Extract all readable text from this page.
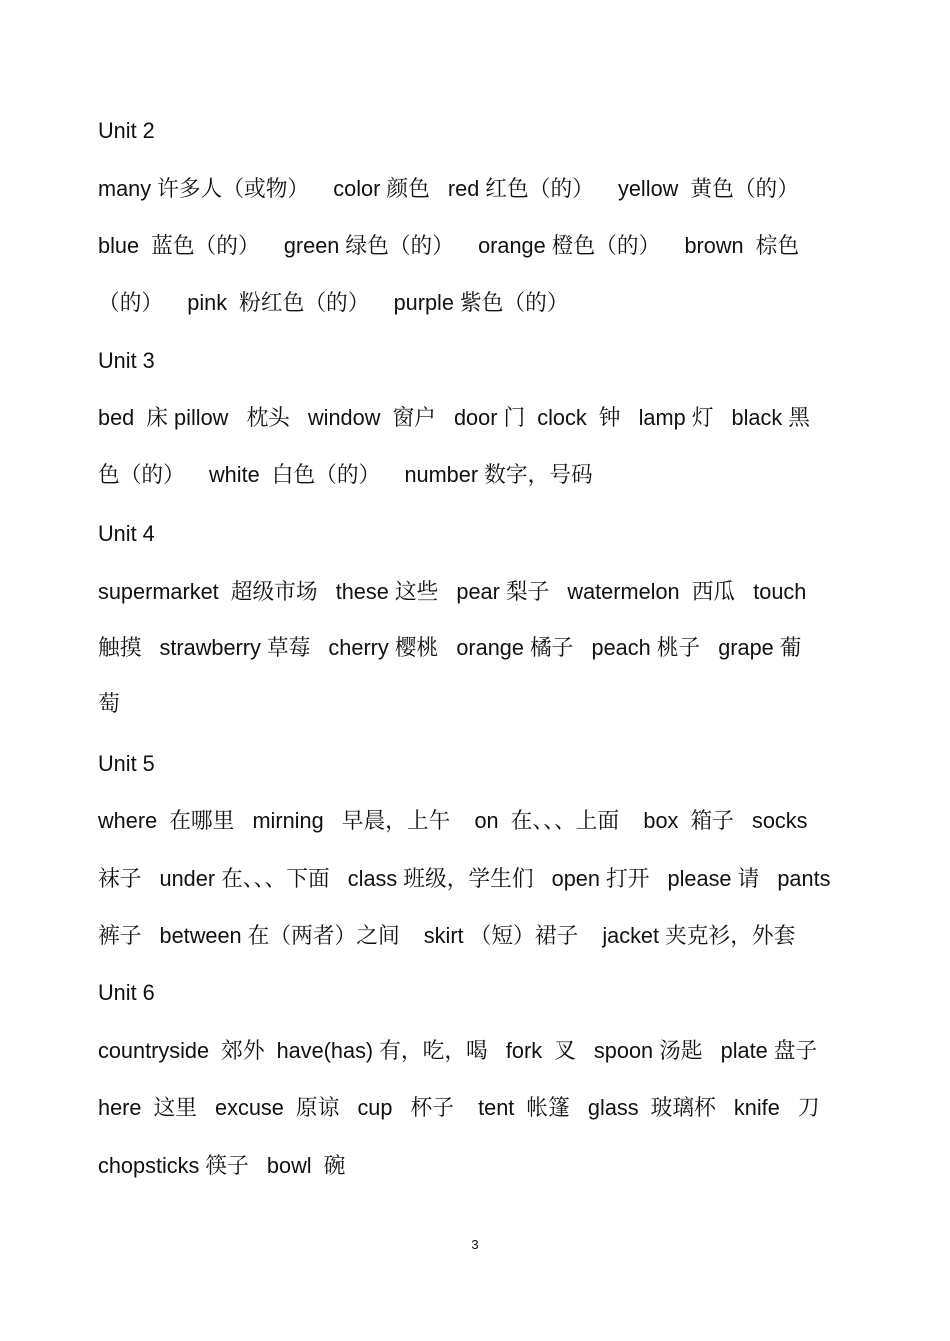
Unit 2
many 许多人（或物）    color 颜色   red 红色（的）    yellow  黄色（的）
blue  蓝色（的）    green 绿色（的）    orange 橙色（的）    brown  棕色
（的）    pink  粉红色（的）    purple 紫色（的）
Unit 3
bed  床 pillow   枕头   window  窗户   door 门  clock  钟   lamp 灯   black 黑
色（的）    white  白色（的）    number 数字，号码
Unit 4
supermarket  超级市场   these 这些   pear 梨子   watermelon  西瓜   touch
触摸   strawberry 草莓   cherry 樱桃   orange 橘子   peach 桃子   grape 葡
萄
Unit 5
where  在哪里   mirning   早晨，上午    on  在、、、上面    box  箱子   socks
袜子   under 在、、、下面   class 班级，学生们   open 打开   please 请   pants
裤子   between 在（两者）之间    skirt （短）裙子    jacket 夹克衫，外套
Unit 6
countryside  郊外  have(has) 有，吃，喝   fork  叉   spoon 汤匙   plate 盘子
here  这里   excuse  原谅   cup   杯子    tent  帐篷   glass  玻璃杯   knife   刀
chopsticks 筷子   bowl  碗
3
